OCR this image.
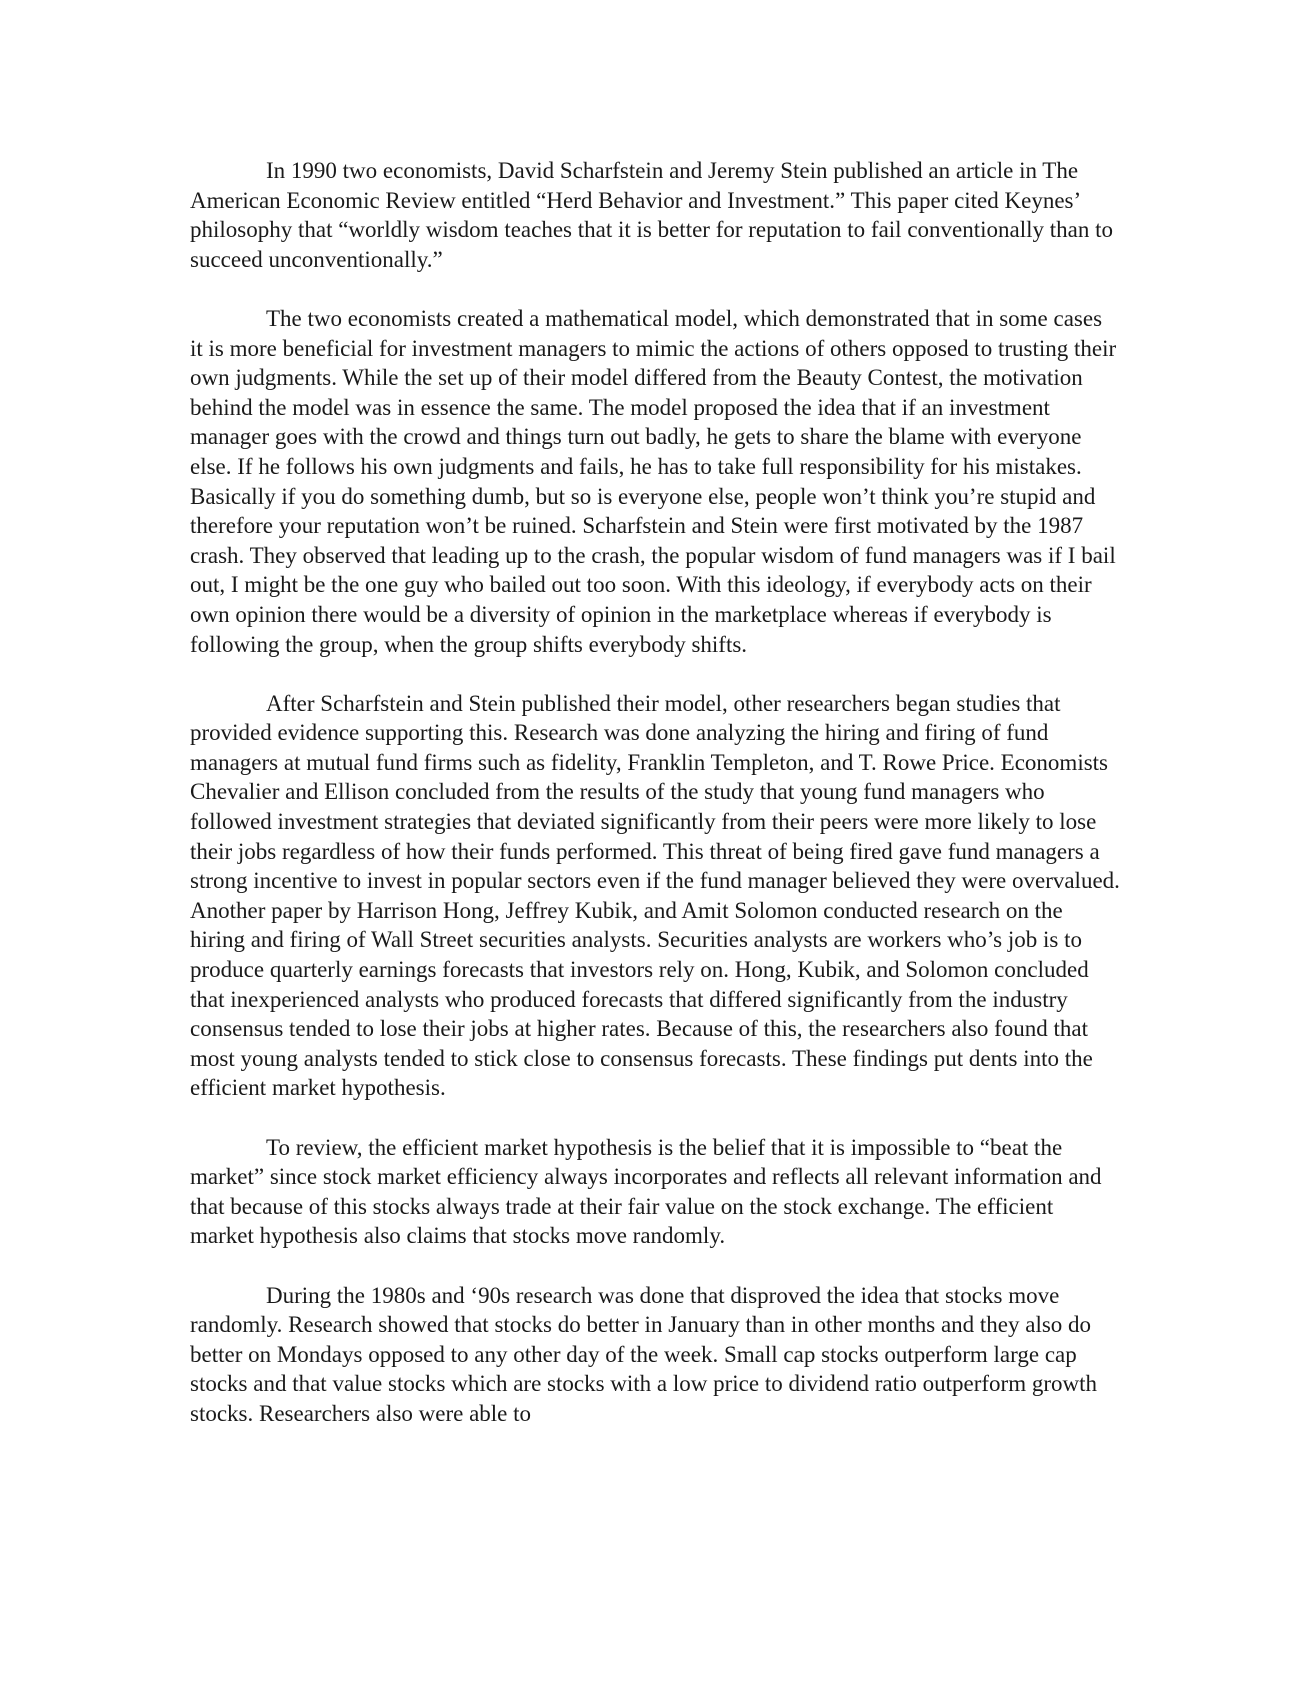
In 1990 two economists, David Scharfstein and Jeremy Stein published an article in The American Economic Review entitled “Herd Behavior and Investment.” This paper cited Keynes’ philosophy that “worldly wisdom teaches that it is better for reputation to fail conventionally than to succeed unconventionally.”

The two economists created a mathematical model, which demonstrated that in some cases it is more beneficial for investment managers to mimic the actions of others opposed to trusting their own judgments. While the set up of their model differed from the Beauty Contest, the motivation behind the model was in essence the same. The model proposed the idea that if an investment manager goes with the crowd and things turn out badly, he gets to share the blame with everyone else. If he follows his own judgments and fails, he has to take full responsibility for his mistakes. Basically if you do something dumb, but so is everyone else, people won’t think you’re stupid and therefore your reputation won’t be ruined. Scharfstein and Stein were first motivated by the 1987 crash. They observed that leading up to the crash, the popular wisdom of fund managers was if I bail out, I might be the one guy who bailed out too soon. With this ideology, if everybody acts on their own opinion there would be a diversity of opinion in the marketplace whereas if everybody is following the group, when the group shifts everybody shifts.

After Scharfstein and Stein published their model, other researchers began studies that provided evidence supporting this. Research was done analyzing the hiring and firing of fund managers at mutual fund firms such as fidelity, Franklin Templeton, and T. Rowe Price. Economists Chevalier and Ellison concluded from the results of the study that young fund managers who followed investment strategies that deviated significantly from their peers were more likely to lose their jobs regardless of how their funds performed. This threat of being fired gave fund managers a strong incentive to invest in popular sectors even if the fund manager believed they were overvalued. Another paper by Harrison Hong, Jeffrey Kubik, and Amit Solomon conducted research on the hiring and firing of Wall Street securities analysts. Securities analysts are workers who’s job is to produce quarterly earnings forecasts that investors rely on. Hong, Kubik, and Solomon concluded that inexperienced analysts who produced forecasts that differed significantly from the industry consensus tended to lose their jobs at higher rates. Because of this, the researchers also found that most young analysts tended to stick close to consensus forecasts. These findings put dents into the efficient market hypothesis.

To review, the efficient market hypothesis is the belief that it is impossible to “beat the market” since stock market efficiency always incorporates and reflects all relevant information and that because of this stocks always trade at their fair value on the stock exchange. The efficient market hypothesis also claims that stocks move randomly.

During the 1980s and ‘90s research was done that disproved the idea that stocks move randomly. Research showed that stocks do better in January than in other months and they also do better on Mondays opposed to any other day of the week. Small cap stocks outperform large cap stocks and that value stocks which are stocks with a low price to dividend ratio outperform growth stocks. Researchers also were able to
